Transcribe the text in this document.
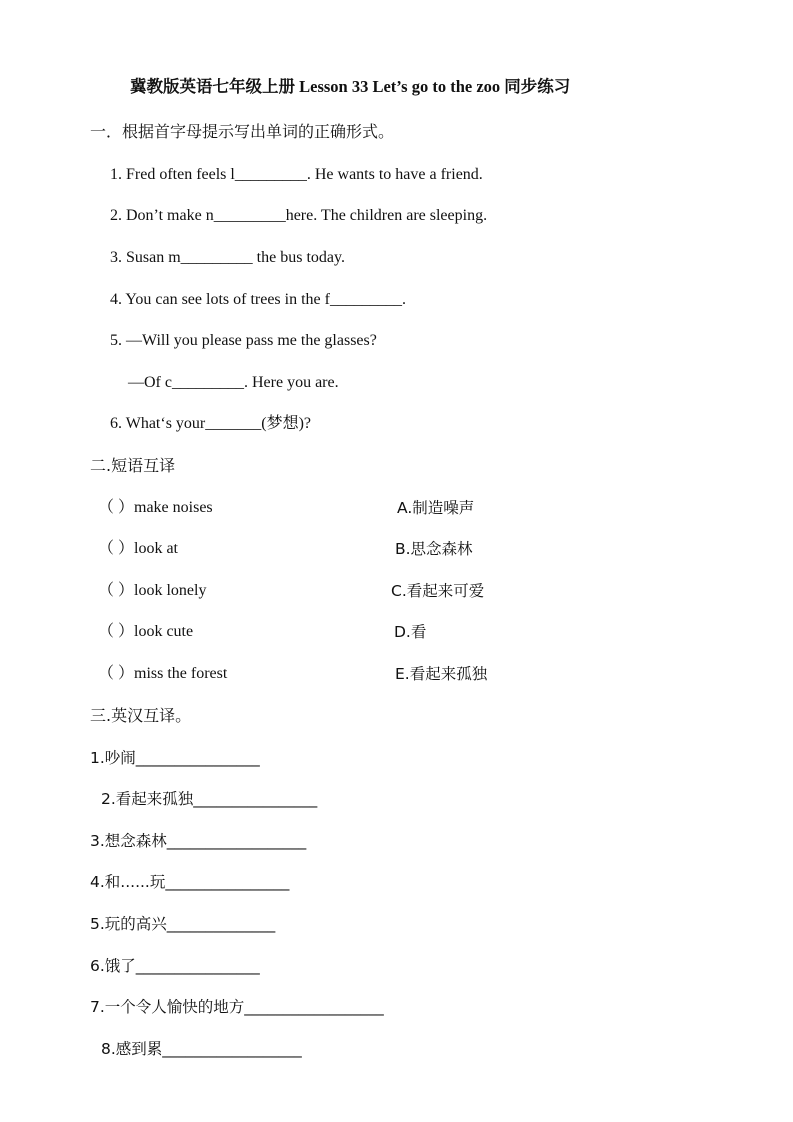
冀教版英语七年级上册 Lesson 33 Let’s go to the zoo 同步练习
一．根据首字母提示写出单词的正确形式。
1. Fred often feels l_________. He wants to have a friend.
2. Don’t make n_________here. The children are sleeping.
3. Susan m_________ the bus today.
4. You can see lots of trees in the f_________.
5. —Will you please pass me the glasses?
—Of c_________. Here you are.
6. What‘s your_______(梦想)?
二.短语互译
（ ）make noises	A.制造噪声
（ ）look at	B.思念森林
（ ）look lonely	C.看起来可爱
（ ）look cute	D.看
（ ）miss the forest	E.看起来孤独
三.英汉互译。
1.吵闹________________
2.看起来孤独________________
3.想念森林__________________
4.和......玩________________
5.玩的高兴______________
6.饿了________________
7.一个令人愉快的地方__________________
8.感到累__________________
